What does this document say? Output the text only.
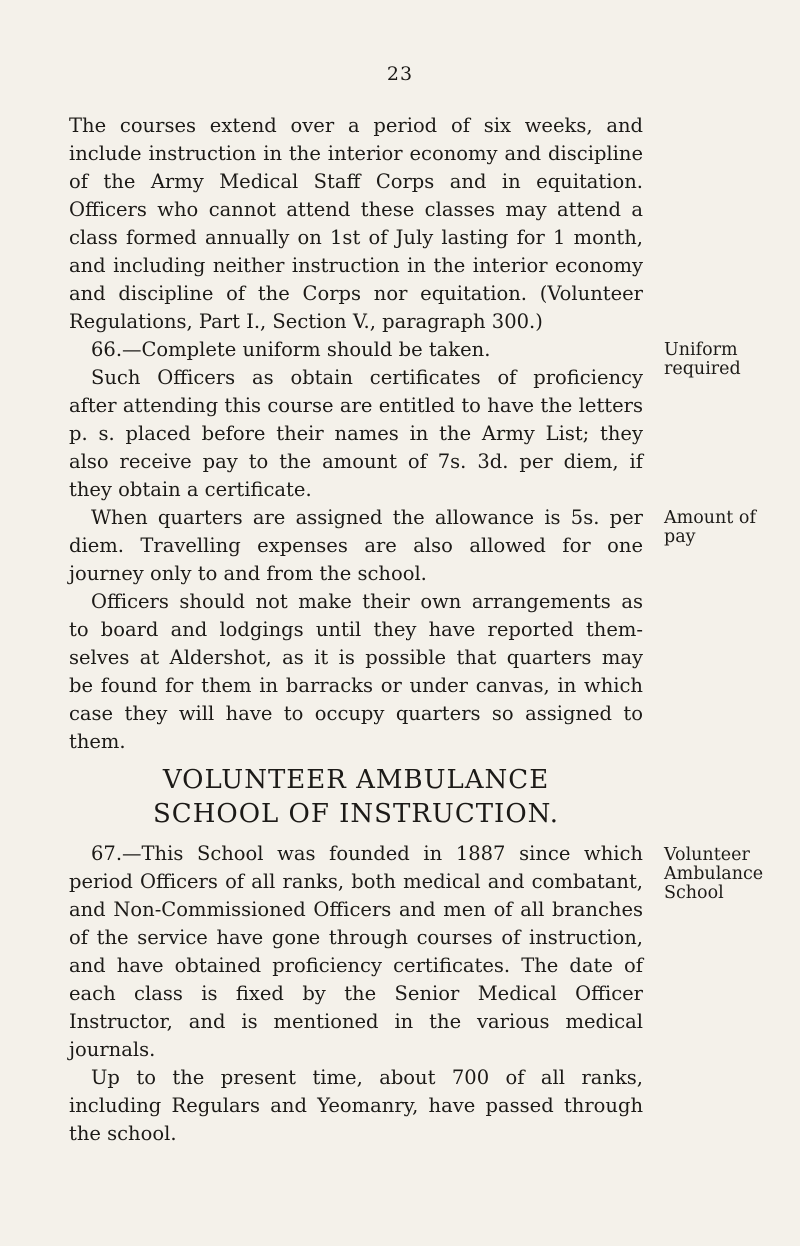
23
The courses extend over a period of six weeks, and
include instruction in the interior economy and discipline
of the Army Medical Staff Corps and in equitation.
Officers who cannot attend these classes may attend a
class formed annually on 1st of July lasting for 1 month,
and including neither instruction in the interior economy
and discipline of the Corps nor equitation. (Volunteer
Regulations, Part I., Section V., paragraph 300.)
66.—Complete uniform should be taken.
Such Officers as obtain certificates of proficiency
after attending this course are entitled to have the letters
p. s. placed before their names in the Army List; they
also receive pay to the amount of 7s. 3d. per diem, if
they obtain a certificate.
When quarters are assigned the allowance is 5s. per
diem. Travelling expenses are also allowed for one
journey only to and from the school.
Officers should not make their own arrangements as
to board and lodgings until they have reported them-
selves at Aldershot, as it is possible that quarters may
be found for them in barracks or under canvas, in which
case they will have to occupy quarters so assigned to
them.
VOLUNTEER AMBULANCE
SCHOOL OF INSTRUCTION.
67.—This School was founded in 1887 since which
period Officers of all ranks, both medical and combatant,
and Non-Commissioned Officers and men of all branches
of the service have gone through courses of instruction,
and have obtained proficiency certificates. The date of
each class is fixed by the Senior Medical Officer
Instructor, and is mentioned in the various medical
journals.
Up to the present time, about 700 of all ranks,
including Regulars and Yeomanry, have passed through
the school.
Uniform
required
Amount of
pay
Volunteer
Ambulance
School
